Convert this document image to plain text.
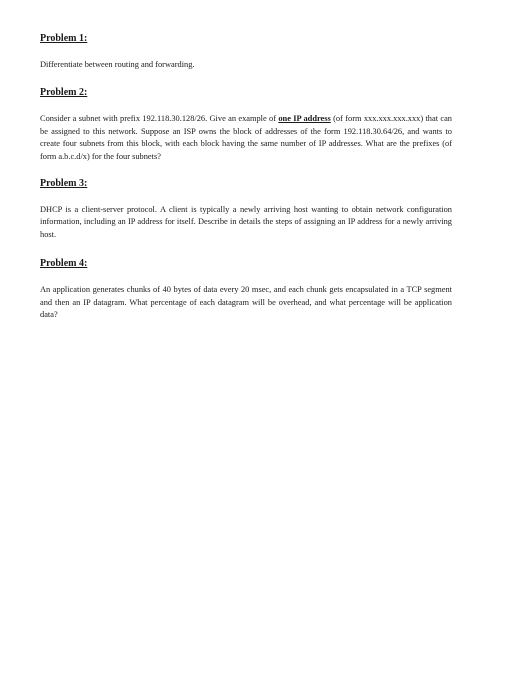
Problem 1:

Differentiate between routing and forwarding.

Problem 2:

Consider a subnet with prefix 192.118.30.128/26. Give an example of one IP address (of form xxx.xxx.xxx.xxx) that can be assigned to this network. Suppose an ISP owns the block of addresses of the form 192.118.30.64/26, and wants to create four subnets from this block, with each block having the same number of IP addresses. What are the prefixes (of form a.b.c.d/x) for the four subnets?

Problem 3:

DHCP is a client-server protocol. A client is typically a newly arriving host wanting to obtain network configuration information, including an IP address for itself. Describe in details the steps of assigning an IP address for a newly arriving host.

Problem 4:

An application generates chunks of 40 bytes of data every 20 msec, and each chunk gets encapsulated in a TCP segment and then an IP datagram. What percentage of each datagram will be overhead, and what percentage will be application data?
